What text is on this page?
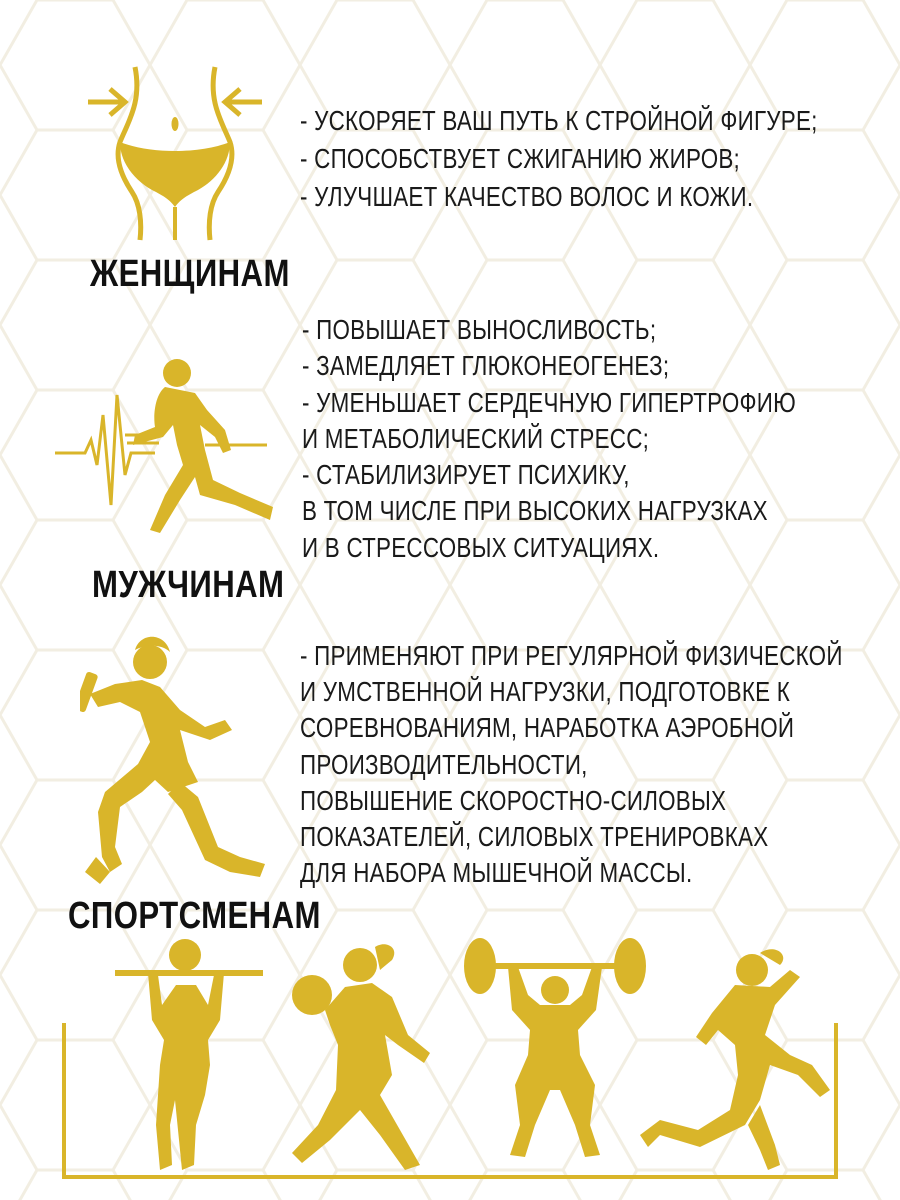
ЖЕНЩИНАМ
- УСКОРЯЕТ ВАШ ПУТЬ К СТРОЙНОЙ ФИГУРЕ;
- СПОСОБСТВУЕТ СЖИГАНИЮ ЖИРОВ;
- УЛУЧШАЕТ КАЧЕСТВО ВОЛОС И КОЖИ.
МУЖЧИНАМ
- ПОВЫШАЕТ ВЫНОСЛИВОСТЬ;
- ЗАМЕДЛЯЕТ ГЛЮКОНЕОГЕНЕЗ;
- УМЕНЬШАЕТ СЕРДЕЧНУЮ ГИПЕРТРОФИЮ
И МЕТАБОЛИЧЕСКИЙ СТРЕСС;
- СТАБИЛИЗИРУЕТ ПСИХИКУ,
В ТОМ ЧИСЛЕ ПРИ ВЫСОКИХ НАГРУЗКАХ
И В СТРЕССОВЫХ СИТУАЦИЯХ.
СПОРТСМЕНАМ
- ПРИМЕНЯЮТ ПРИ РЕГУЛЯРНОЙ ФИЗИЧЕСКОЙ
И УМСТВЕННОЙ НАГРУЗКИ, ПОДГОТОВКЕ К
СОРЕВНОВАНИЯМ, НАРАБОТКА АЭРОБНОЙ
ПРОИЗВОДИТЕЛЬНОСТИ,
ПОВЫШЕНИЕ СКОРОСТНО-СИЛОВЫХ
ПОКАЗАТЕЛЕЙ, СИЛОВЫХ ТРЕНИРОВКАХ
ДЛЯ НАБОРА МЫШЕЧНОЙ МАССЫ.
